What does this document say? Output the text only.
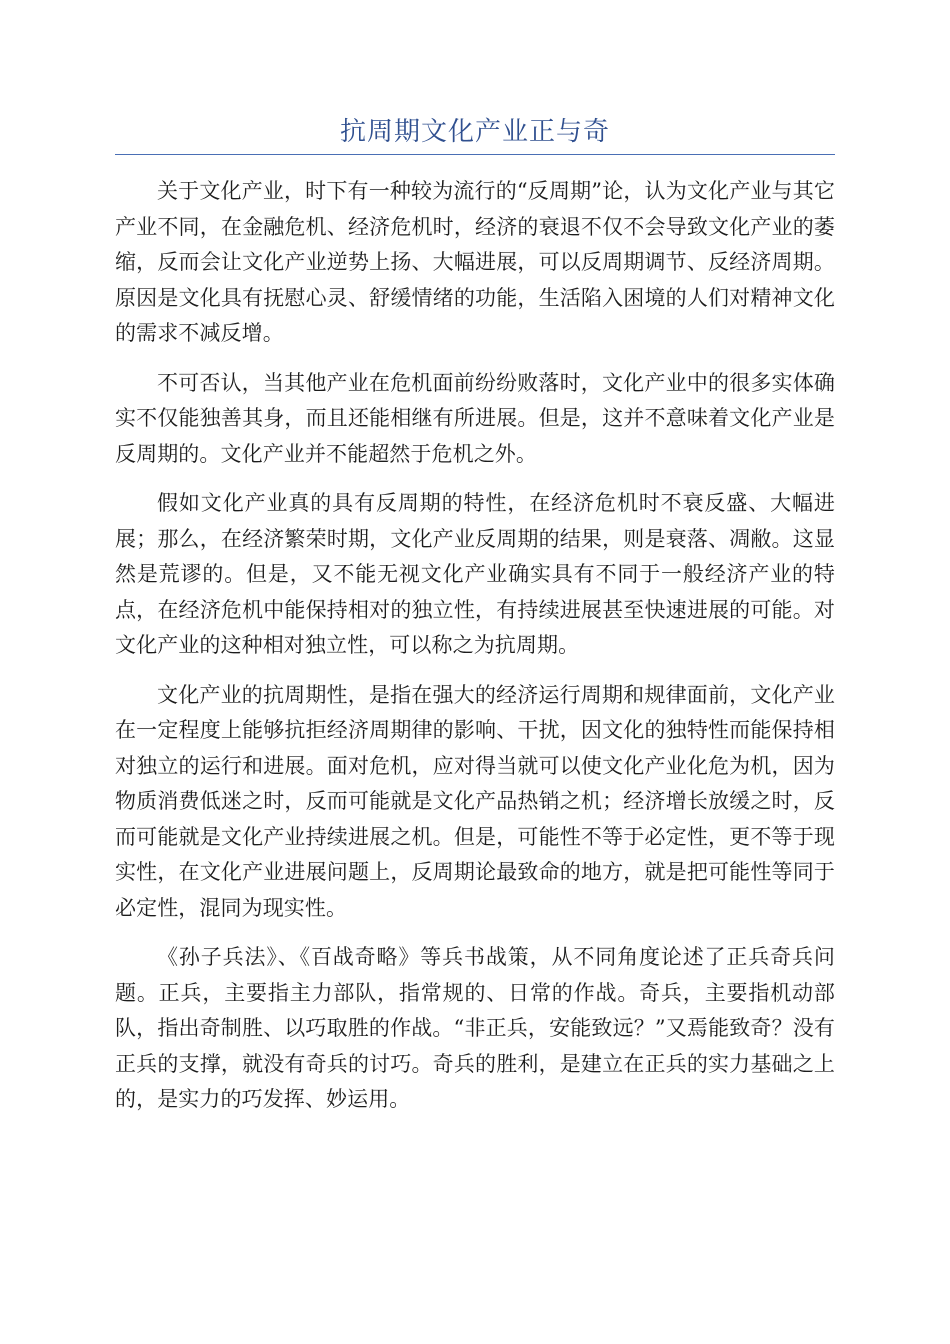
抗周期文化产业正与奇

关于文化产业，时下有一种较为流行的“反周期”论，认为文化产业与其它产业不同，在金融危机、经济危机时，经济的衰退不仅不会导致文化产业的萎缩，反而会让文化产业逆势上扬、大幅进展，可以反周期调节、反经济周期。原因是文化具有抚慰心灵、舒缓情绪的功能，生活陷入困境的人们对精神文化的需求不减反增。

不可否认，当其他产业在危机面前纷纷败落时，文化产业中的很多实体确实不仅能独善其身，而且还能相继有所进展。但是，这并不意味着文化产业是反周期的。文化产业并不能超然于危机之外。

假如文化产业真的具有反周期的特性，在经济危机时不衰反盛、大幅进展；那么，在经济繁荣时期，文化产业反周期的结果，则是衰落、凋敝。这显然是荒谬的。但是，又不能无视文化产业确实具有不同于一般经济产业的特点，在经济危机中能保持相对的独立性，有持续进展甚至快速进展的可能。对文化产业的这种相对独立性，可以称之为抗周期。

文化产业的抗周期性，是指在强大的经济运行周期和规律面前，文化产业在一定程度上能够抗拒经济周期律的影响、干扰，因文化的独特性而能保持相对独立的运行和进展。面对危机，应对得当就可以使文化产业化危为机，因为物质消费低迷之时，反而可能就是文化产品热销之机；经济增长放缓之时，反而可能就是文化产业持续进展之机。但是，可能性不等于必定性，更不等于现实性，在文化产业进展问题上，反周期论最致命的地方，就是把可能性等同于必定性，混同为现实性。

《孙子兵法》、《百战奇略》等兵书战策，从不同角度论述了正兵奇兵问题。正兵，主要指主力部队，指常规的、日常的作战。奇兵，主要指机动部队，指出奇制胜、以巧取胜的作战。“非正兵，安能致远？”又焉能致奇？没有正兵的支撑，就没有奇兵的讨巧。奇兵的胜利，是建立在正兵的实力基础之上的，是实力的巧发挥、妙运用。
